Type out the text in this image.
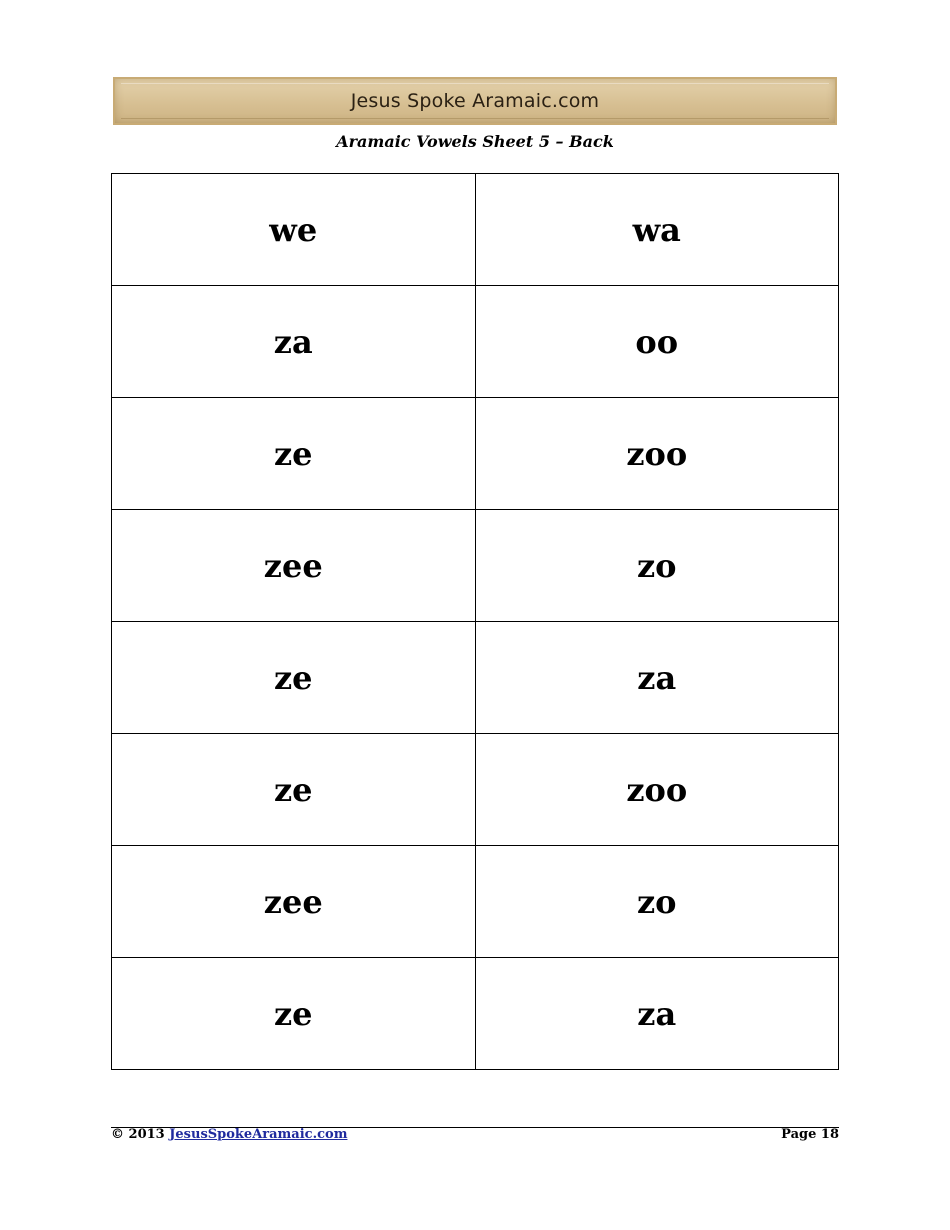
Jesus Spoke Aramaic.com
Aramaic Vowels Sheet 5 – Back
we	wa
za	oo
ze	zoo
zee	zo
ze	za
ze	zoo
zee	zo
ze	za
© 2013 JesusSpokeAramaic.com	Page 18
